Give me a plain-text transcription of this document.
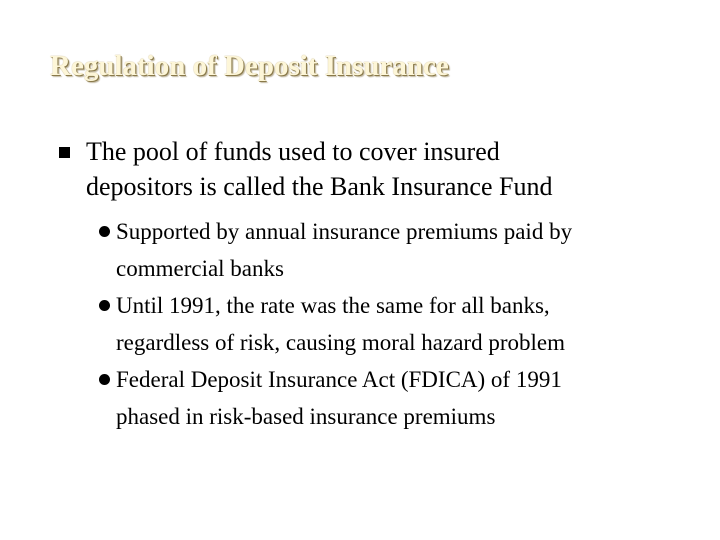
Regulation of Deposit Insurance
The pool of funds used to cover insured
depositors is called the Bank Insurance Fund
Supported by annual insurance premiums paid by
commercial banks
Until 1991, the rate was the same for all banks,
regardless of risk, causing moral hazard problem
Federal Deposit Insurance Act (FDICA) of 1991
phased in risk-based insurance premiums
